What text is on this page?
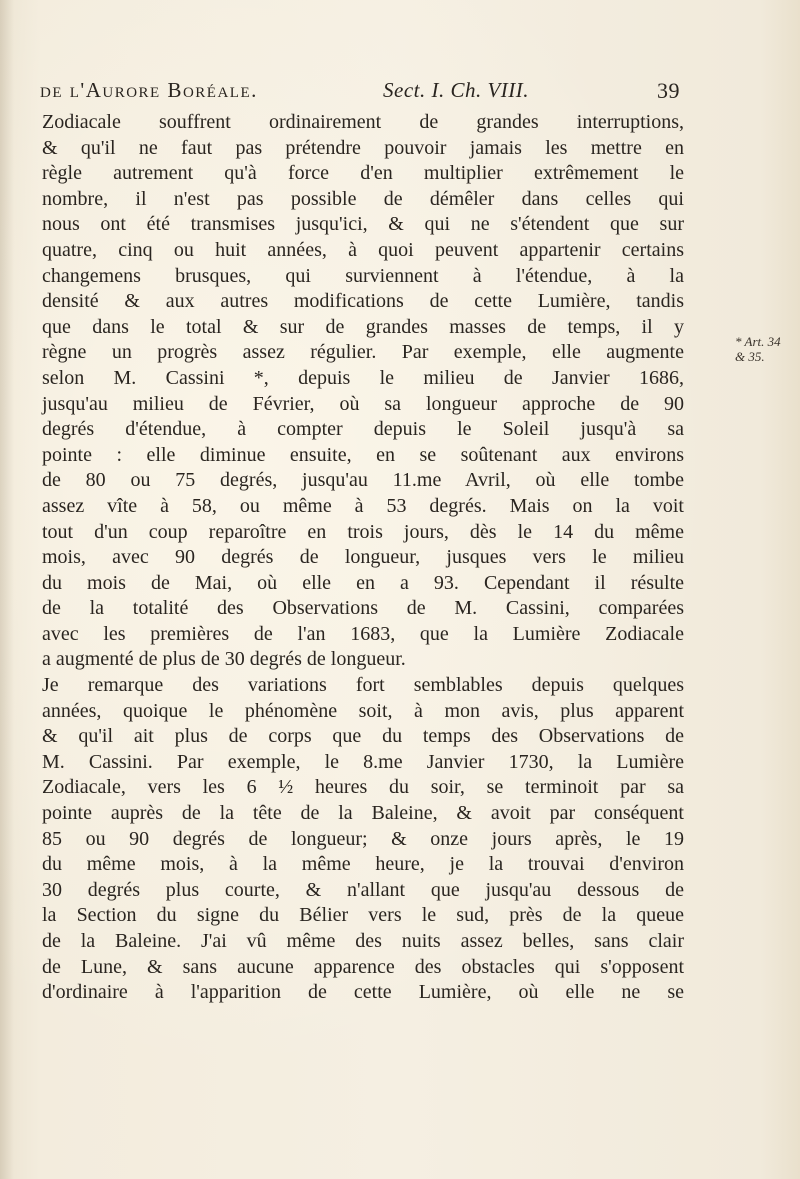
de l'Aurore Boréale.	Sect. I. Ch. VIII.	39
* Art. 34
& 35.
Zodiacale souffrent ordinairement de grandes interruptions,
& qu'il ne faut pas prétendre pouvoir jamais les mettre en
règle autrement qu'à force d'en multiplier extrêmement le
nombre, il n'est pas possible de démêler dans celles qui
nous ont été transmises jusqu'ici, & qui ne s'étendent que sur
quatre, cinq ou huit années, à quoi peuvent appartenir certains
changemens brusques, qui surviennent à l'étendue, à la
densité & aux autres modifications de cette Lumière, tandis
que dans le total & sur de grandes masses de temps, il y
règne un progrès assez régulier. Par exemple, elle augmente
selon M. Cassini *, depuis le milieu de Janvier 1686,
jusqu'au milieu de Février, où sa longueur approche de 90
degrés d'étendue, à compter depuis le Soleil jusqu'à sa
pointe : elle diminue ensuite, en se soûtenant aux environs
de 80 ou 75 degrés, jusqu'au 11.me Avril, où elle tombe
assez vîte à 58, ou même à 53 degrés. Mais on la voit
tout d'un coup reparoître en trois jours, dès le 14 du même
mois, avec 90 degrés de longueur, jusques vers le milieu
du mois de Mai, où elle en a 93. Cependant il résulte
de la totalité des Observations de M. Cassini, comparées
avec les premières de l'an 1683, que la Lumière Zodiacale
a augmenté de plus de 30 degrés de longueur.
Je remarque des variations fort semblables depuis quelques
années, quoique le phénomène soit, à mon avis, plus apparent
& qu'il ait plus de corps que du temps des Observations de
M. Cassini. Par exemple, le 8.me Janvier 1730, la Lumière
Zodiacale, vers les 6 ½ heures du soir, se terminoit par sa
pointe auprès de la tête de la Baleine, & avoit par conséquent
85 ou 90 degrés de longueur; & onze jours après, le 19
du même mois, à la même heure, je la trouvai d'environ
30 degrés plus courte, & n'allant que jusqu'au dessous de
la Section du signe du Bélier vers le sud, près de la queue
de la Baleine. J'ai vû même des nuits assez belles, sans clair
de Lune, & sans aucune apparence des obstacles qui s'opposent
d'ordinaire à l'apparition de cette Lumière, où elle ne se
